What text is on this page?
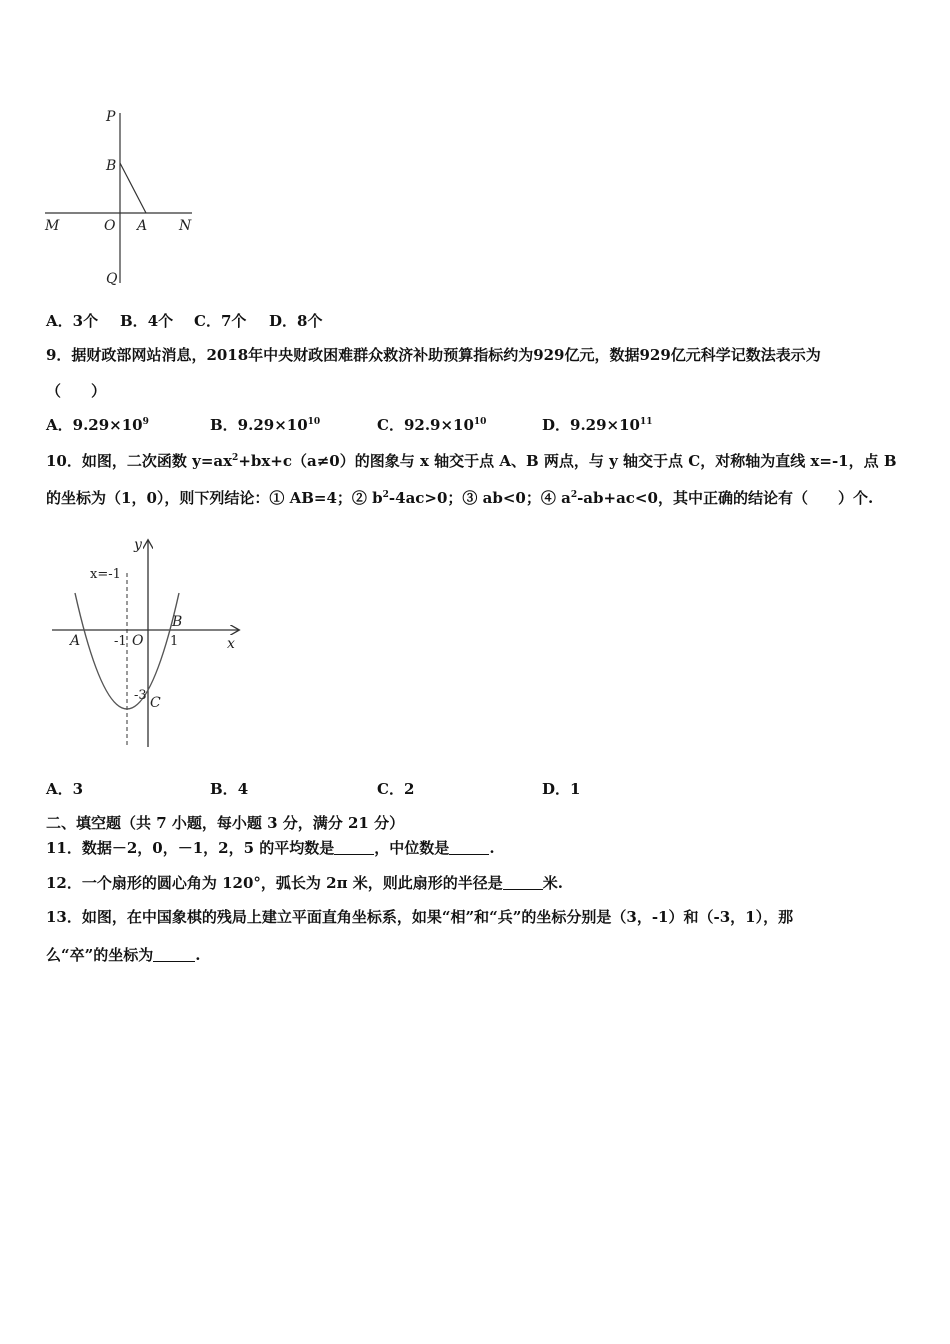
P
B
M	O A N
Q
A．3个 B．4个 C．7个 D．8个
9．据财政部网站消息，2018年中央财政困难群众救济补助预算指标约为929亿元，数据929亿元科学记数法表示为
（　　）
A．$9.29\times 10^9$	B．$9.29\times 10^{10}$	C．$92.9\times 10^{10}$	D．$9.29\times 10^{11}$
10．如图，二次函数 $y=ax^2+bx+c(a\ne 0)$的图象与 x 轴交于点 A、B 两点，与 y 轴交于点 C，对称轴为直线 x=-1，点 B
的坐标为（1，0），则下列结论：① AB=4；② $b^2-4ac>0$；③ ab<0；④ $a^2-ab+ac<0$，其中正确的结论有（　　）个.
y
x=-1
A	-1 O
B
1	x
-3 C
A．3	B．4	C．2	D．1
二、填空题（共 7 小题，每小题 3 分，满分 21 分）
11．数据－2，0，－1，2，5 的平均数是	，中位数是	.
12．一个扇形的圆心角为 120°，弧长为 2π 米，则此扇形的半径是	米.
13．如图，在中国象棋的残局上建立平面直角坐标系，如果“相”和“兵”的坐标分别是（3，-1）和（-3，1），那
么“卒”的坐标为	.
